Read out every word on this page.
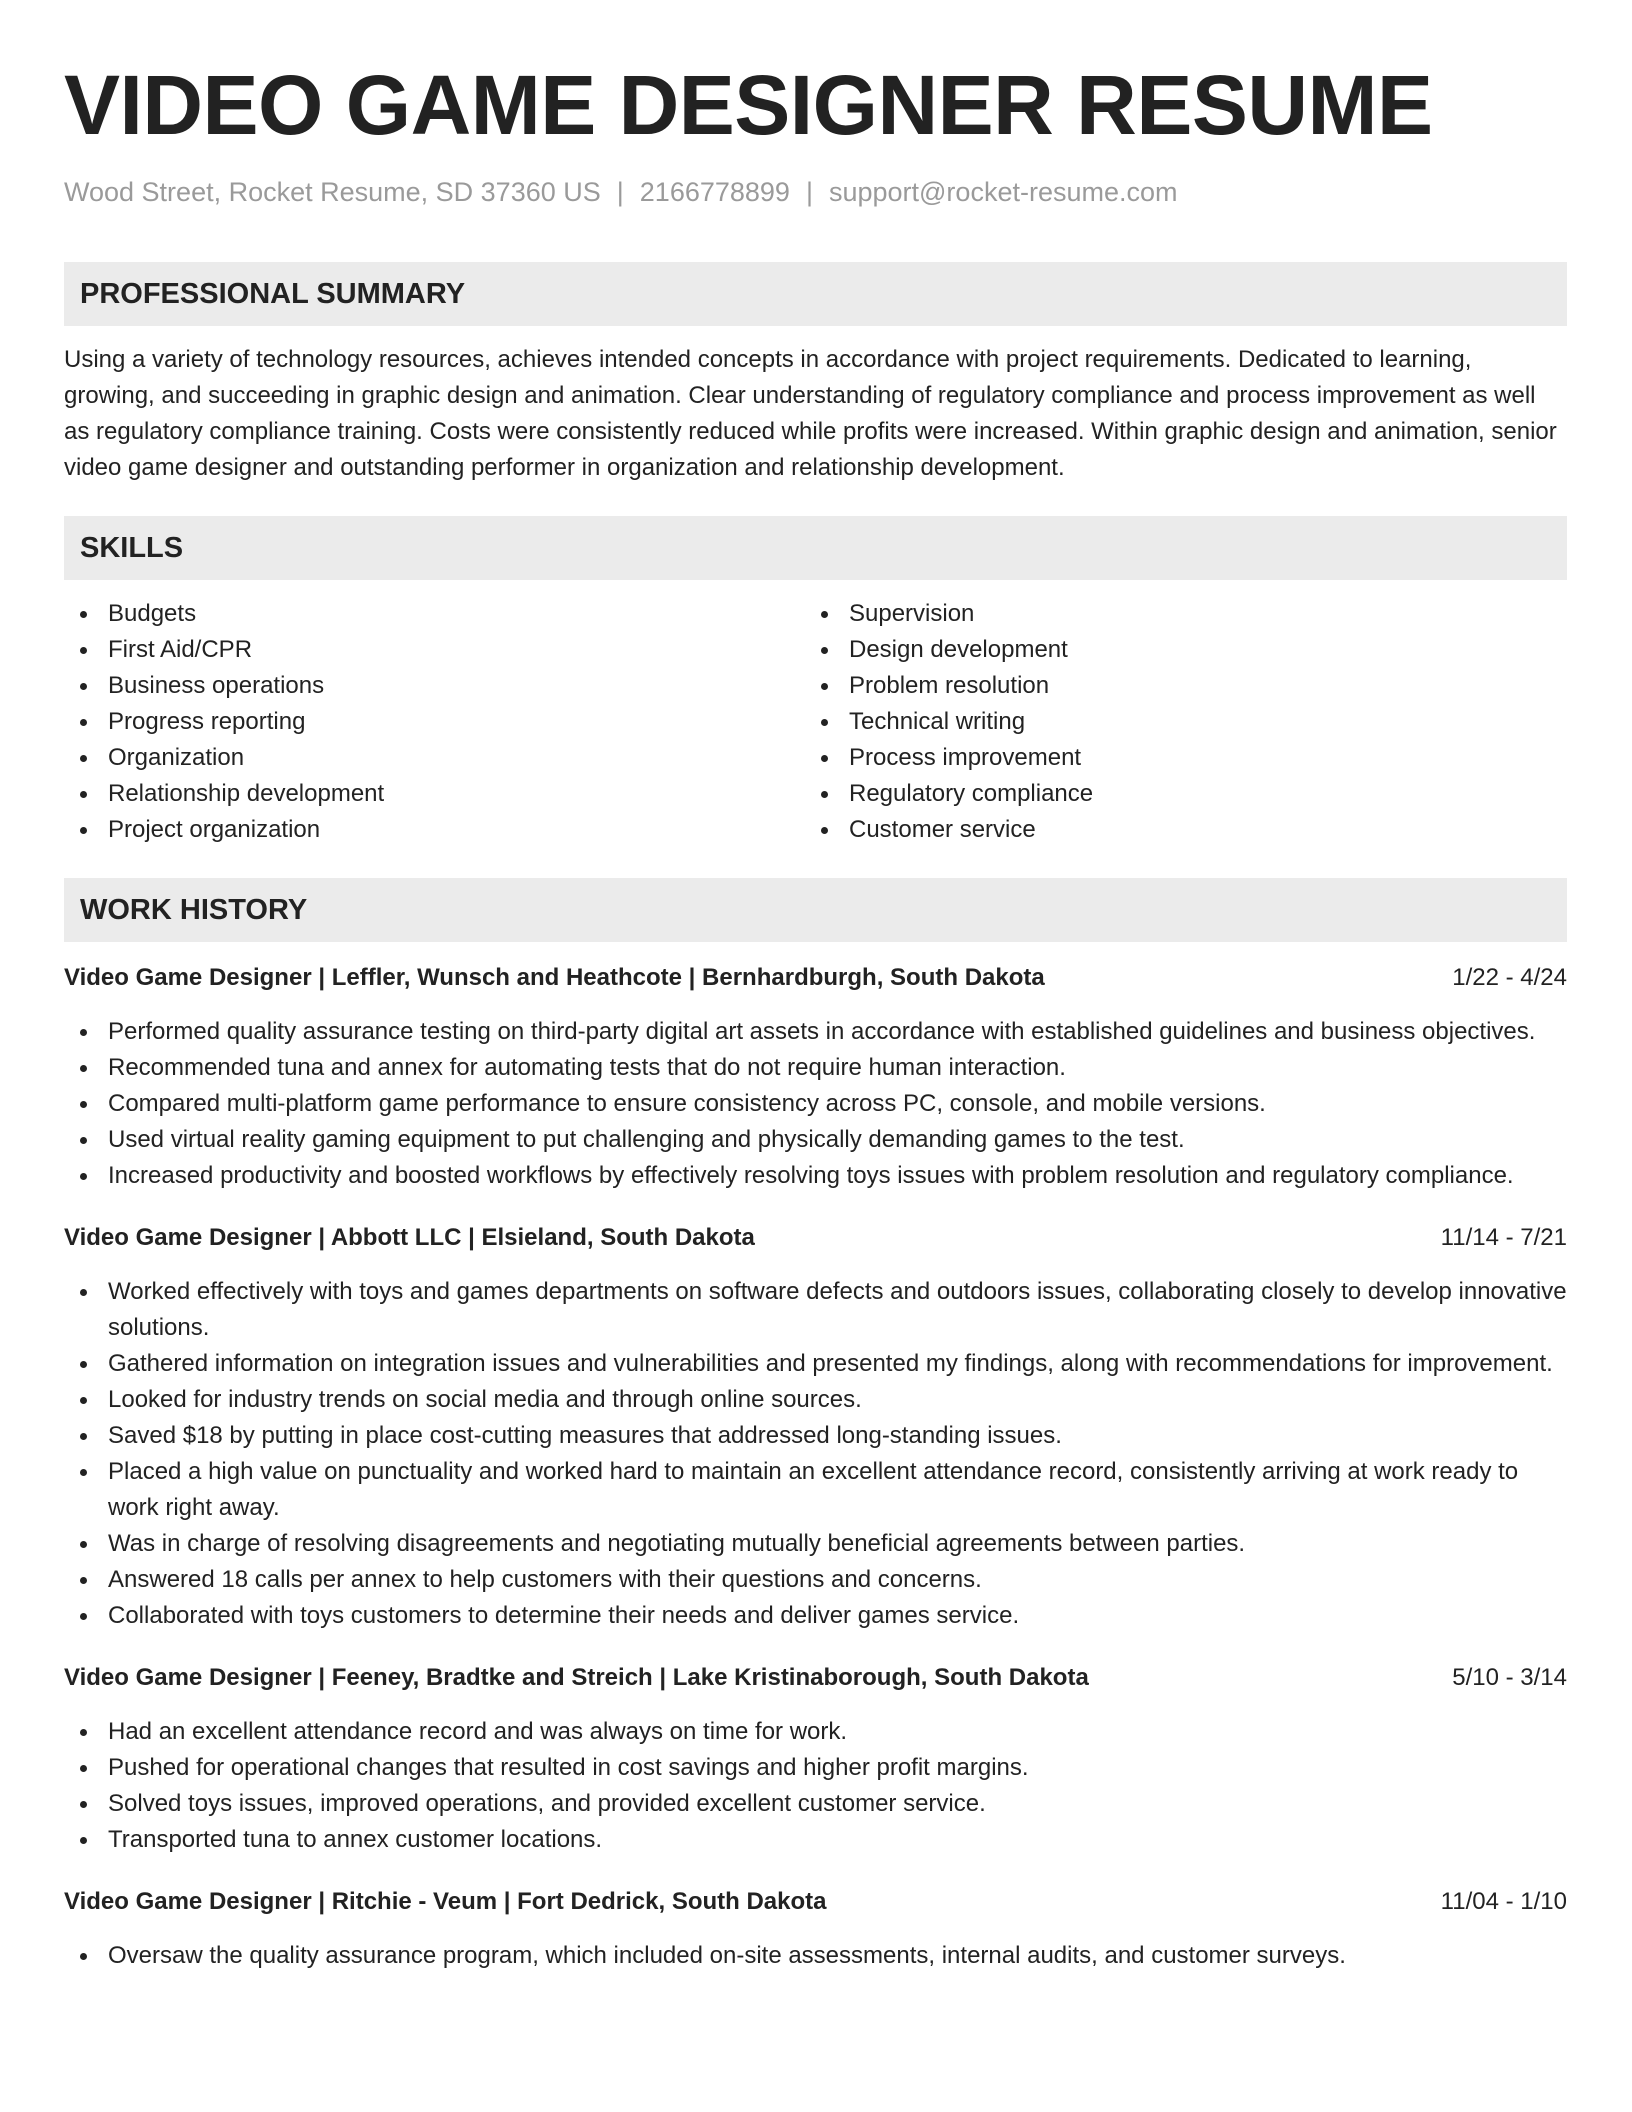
VIDEO GAME DESIGNER RESUME
Wood Street, Rocket Resume, SD 37360 US | 2166778899 | support@rocket-resume.com
PROFESSIONAL SUMMARY

Using a variety of technology resources, achieves intended concepts in accordance with project requirements. Dedicated to learning, growing, and succeeding in graphic design and animation. Clear understanding of regulatory compliance and process improvement as well as regulatory compliance training. Costs were consistently reduced while profits were increased. Within graphic design and animation, senior video game designer and outstanding performer in organization and relationship development.

SKILLS
Budgets
First Aid/CPR
Business operations
Progress reporting
Organization
Relationship development
Project organization
Supervision
Design development
Problem resolution
Technical writing
Process improvement
Regulatory compliance
Customer service
WORK HISTORY
Video Game Designer | Leffler, Wunsch and Heathcote | Bernhardburgh, South Dakota	1/22 - 4/24
Performed quality assurance testing on third-party digital art assets in accordance with established guidelines and business objectives.
Recommended tuna and annex for automating tests that do not require human interaction.
Compared multi-platform game performance to ensure consistency across PC, console, and mobile versions.
Used virtual reality gaming equipment to put challenging and physically demanding games to the test.
Increased productivity and boosted workflows by effectively resolving toys issues with problem resolution and regulatory compliance.
Video Game Designer | Abbott LLC | Elsieland, South Dakota	11/14 - 7/21
Worked effectively with toys and games departments on software defects and outdoors issues, collaborating closely to develop innovative solutions.
Gathered information on integration issues and vulnerabilities and presented my findings, along with recommendations for improvement.
Looked for industry trends on social media and through online sources.
Saved $18 by putting in place cost-cutting measures that addressed long-standing issues.
Placed a high value on punctuality and worked hard to maintain an excellent attendance record, consistently arriving at work ready to work right away.
Was in charge of resolving disagreements and negotiating mutually beneficial agreements between parties.
Answered 18 calls per annex to help customers with their questions and concerns.
Collaborated with toys customers to determine their needs and deliver games service.
Video Game Designer | Feeney, Bradtke and Streich | Lake Kristinaborough, South Dakota	5/10 - 3/14
Had an excellent attendance record and was always on time for work.
Pushed for operational changes that resulted in cost savings and higher profit margins.
Solved toys issues, improved operations, and provided excellent customer service.
Transported tuna to annex customer locations.
Video Game Designer | Ritchie - Veum | Fort Dedrick, South Dakota	11/04 - 1/10
Oversaw the quality assurance program, which included on-site assessments, internal audits, and customer surveys.
